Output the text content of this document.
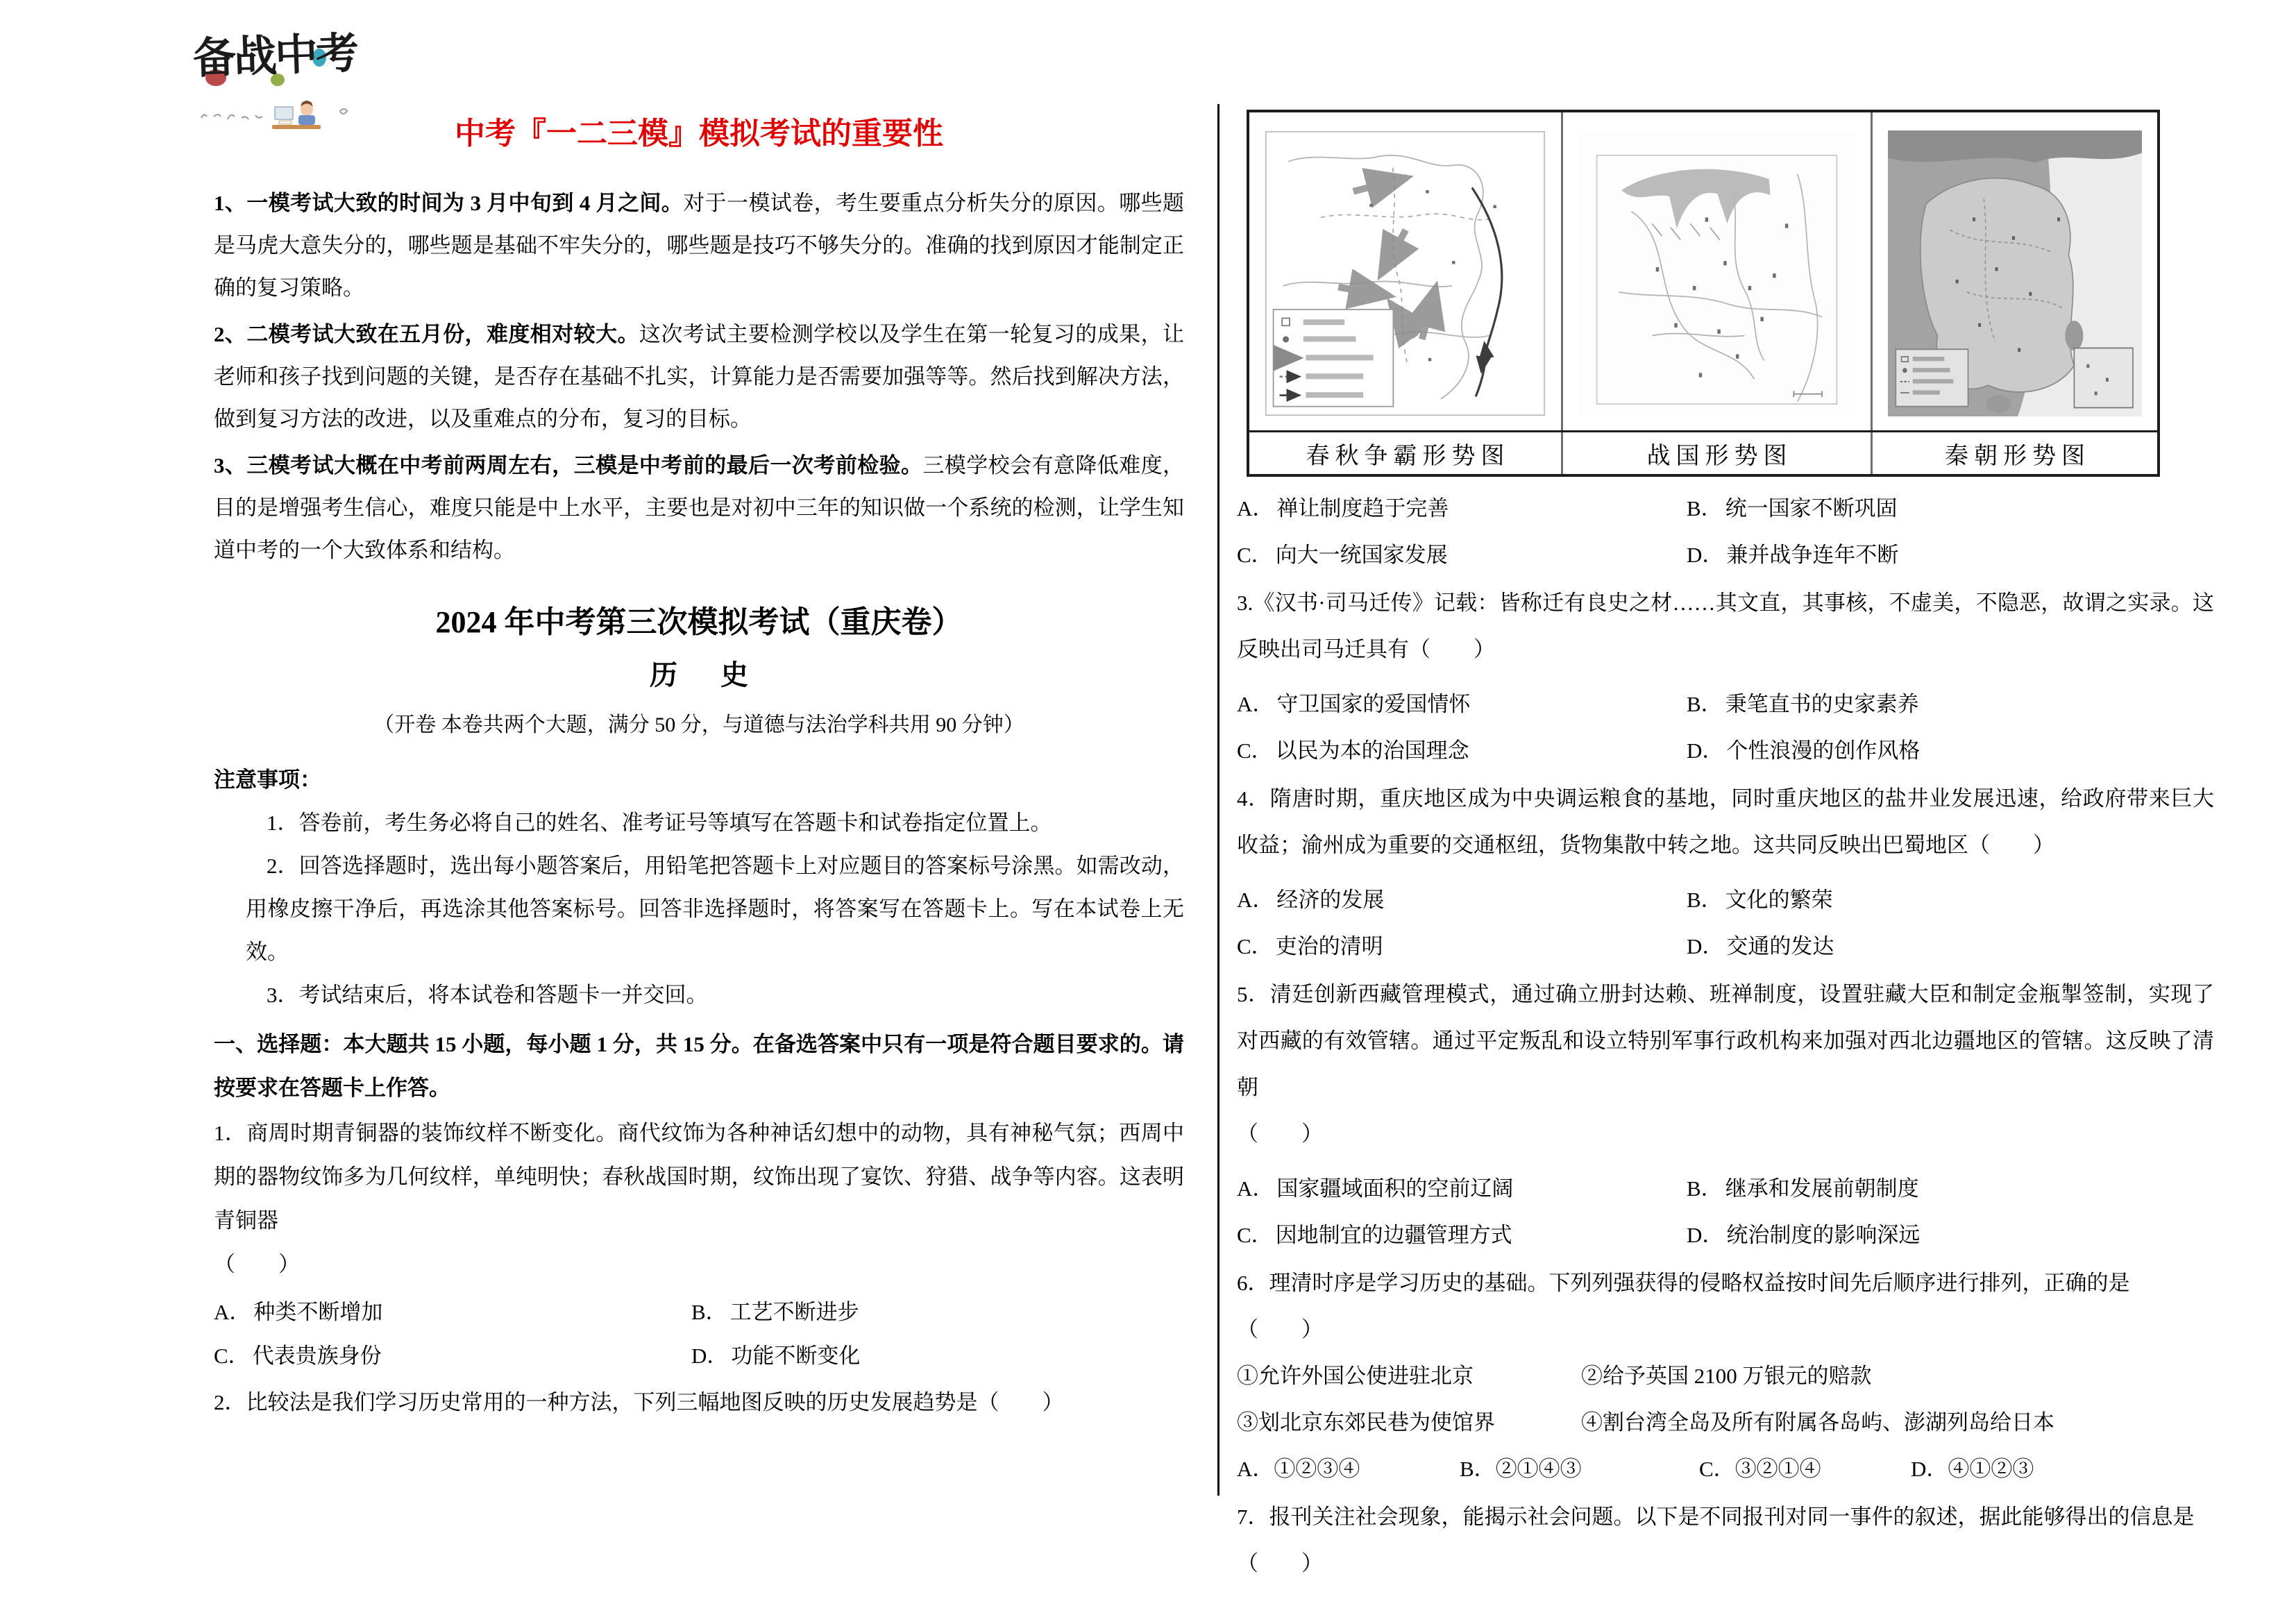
备战中考
中考『一二三模』模拟考试的重要性

1、一模考试大致的时间为 3 月中旬到 4 月之间。对于一模试卷，考生要重点分析失分的原因。哪些题是马虎大意失分的，哪些题是基础不牢失分的，哪些题是技巧不够失分的。准确的找到原因才能制定正确的复习策略。

2、二模考试大致在五月份，难度相对较大。这次考试主要检测学校以及学生在第一轮复习的成果，让老师和孩子找到问题的关键，是否存在基础不扎实，计算能力是否需要加强等等。然后找到解决方法，做到复习方法的改进，以及重难点的分布，复习的目标。

3、三模考试大概在中考前两周左右，三模是中考前的最后一次考前检验。三模学校会有意降低难度，目的是增强考生信心，难度只能是中上水平，主要也是对初中三年的知识做一个系统的检测，让学生知道中考的一个大致体系和结构。

2024 年中考第三次模拟考试（重庆卷）
历 史
（开卷 本卷共两个大题，满分 50 分，与道德与法治学科共用 90 分钟）
注意事项：

1．答卷前，考生务必将自己的姓名、准考证号等填写在答题卡和试卷指定位置上。

2．回答选择题时，选出每小题答案后，用铅笔把答题卡上对应题目的答案标号涂黑。如需改动，用橡皮擦干净后，再选涂其他答案标号。回答非选择题时，将答案写在答题卡上。写在本试卷上无效。

3．考试结束后，将本试卷和答题卡一并交回。

一、选择题：本大题共 15 小题，每小题 1 分，共 15 分。在备选答案中只有一项是符合题目要求的。请按要求在答题卡上作答。

1．商周时期青铜器的装饰纹样不断变化。商代纹饰为各种神话幻想中的动物，具有神秘气氛；西周中期的器物纹饰多为几何纹样，单纯明快；春秋战国时期，纹饰出现了宴饮、狩猎、战争等内容。这表明青铜器

（　　）
A． 种类不断增加	B． 工艺不断进步
C． 代表贵族身份	D． 功能不断变化

2．比较法是我们学习历史常用的一种方法，下列三幅地图反映的历史发展趋势是（　　）

春秋争霸形势图	战国形势图	秦朝形势图
A． 禅让制度趋于完善	B． 统一国家不断巩固
C． 向大一统国家发展	D． 兼并战争连年不断

3.《汉书·司马迁传》记载：皆称迁有良史之材……其文直，其事核，不虚美，不隐恶，故谓之实录。这反映出司马迁具有（　　）

A． 守卫国家的爱国情怀	B． 秉笔直书的史家素养
C． 以民为本的治国理念	D． 个性浪漫的创作风格

4．隋唐时期，重庆地区成为中央调运粮食的基地，同时重庆地区的盐井业发展迅速，给政府带来巨大收益；渝州成为重要的交通枢纽，货物集散中转之地。这共同反映出巴蜀地区（　　）

A． 经济的发展	B． 文化的繁荣
C． 吏治的清明	D． 交通的发达

5．清廷创新西藏管理模式，通过确立册封达赖、班禅制度，设置驻藏大臣和制定金瓶掣签制，实现了对西藏的有效管辖。通过平定叛乱和设立特别军事行政机构来加强对西北边疆地区的管辖。这反映了清朝

（　　）
A． 国家疆域面积的空前辽阔	B． 继承和发展前朝制度
C． 因地制宜的边疆管理方式	D． 统治制度的影响深远

6．理清时序是学习历史的基础。下列列强获得的侵略权益按时间先后顺序进行排列，正确的是

（　　）
①允许外国公使进驻北京	②给予英国 2100 万银元的赔款
③划北京东郊民巷为使馆界	④割台湾全岛及所有附属各岛屿、澎湖列岛给日本
A．①②③④	B．②①④③	C．③②①④	D．④①②③

7．报刊关注社会现象，能揭示社会问题。以下是不同报刊对同一事件的叙述，据此能够得出的信息是

（　　）
